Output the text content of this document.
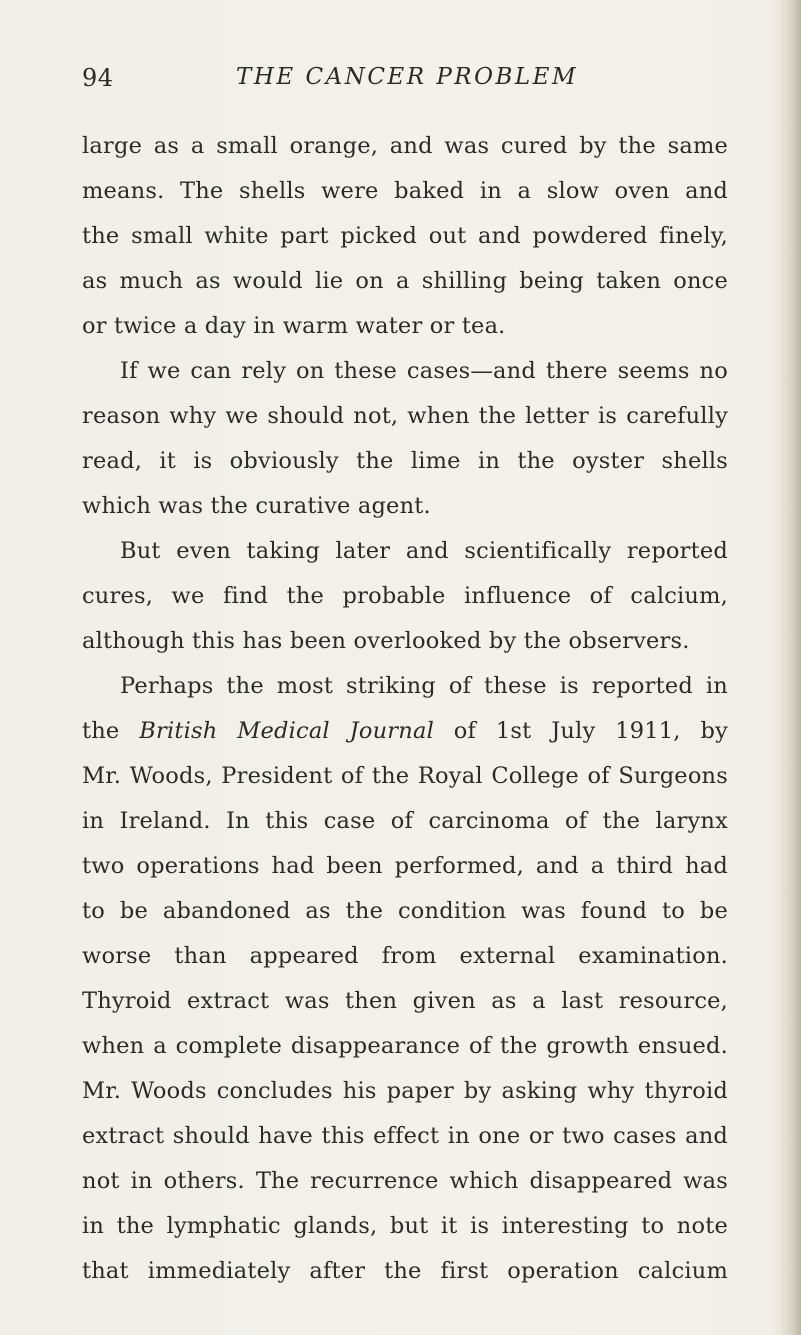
94	THE CANCER PROBLEM
large as a small orange, and was cured by the same
means. The shells were baked in a slow oven and
the small white part picked out and powdered finely,
as much as would lie on a shilling being taken once
or twice a day in warm water or tea.
If we can rely on these cases—and there seems no
reason why we should not, when the letter is carefully
read, it is obviously the lime in the oyster shells
which was the curative agent.
But even taking later and scientifically reported
cures, we find the probable influence of calcium,
although this has been overlooked by the observers.
Perhaps the most striking of these is reported in
the British Medical Journal of 1st July 1911, by
Mr. Woods, President of the Royal College of Surgeons
in Ireland. In this case of carcinoma of the larynx
two operations had been performed, and a third had
to be abandoned as the condition was found to be
worse than appeared from external examination.
Thyroid extract was then given as a last resource,
when a complete disappearance of the growth ensued.
Mr. Woods concludes his paper by asking why thyroid
extract should have this effect in one or two cases and
not in others. The recurrence which disappeared was
in the lymphatic glands, but it is interesting to note
that immediately after the first operation calcium
